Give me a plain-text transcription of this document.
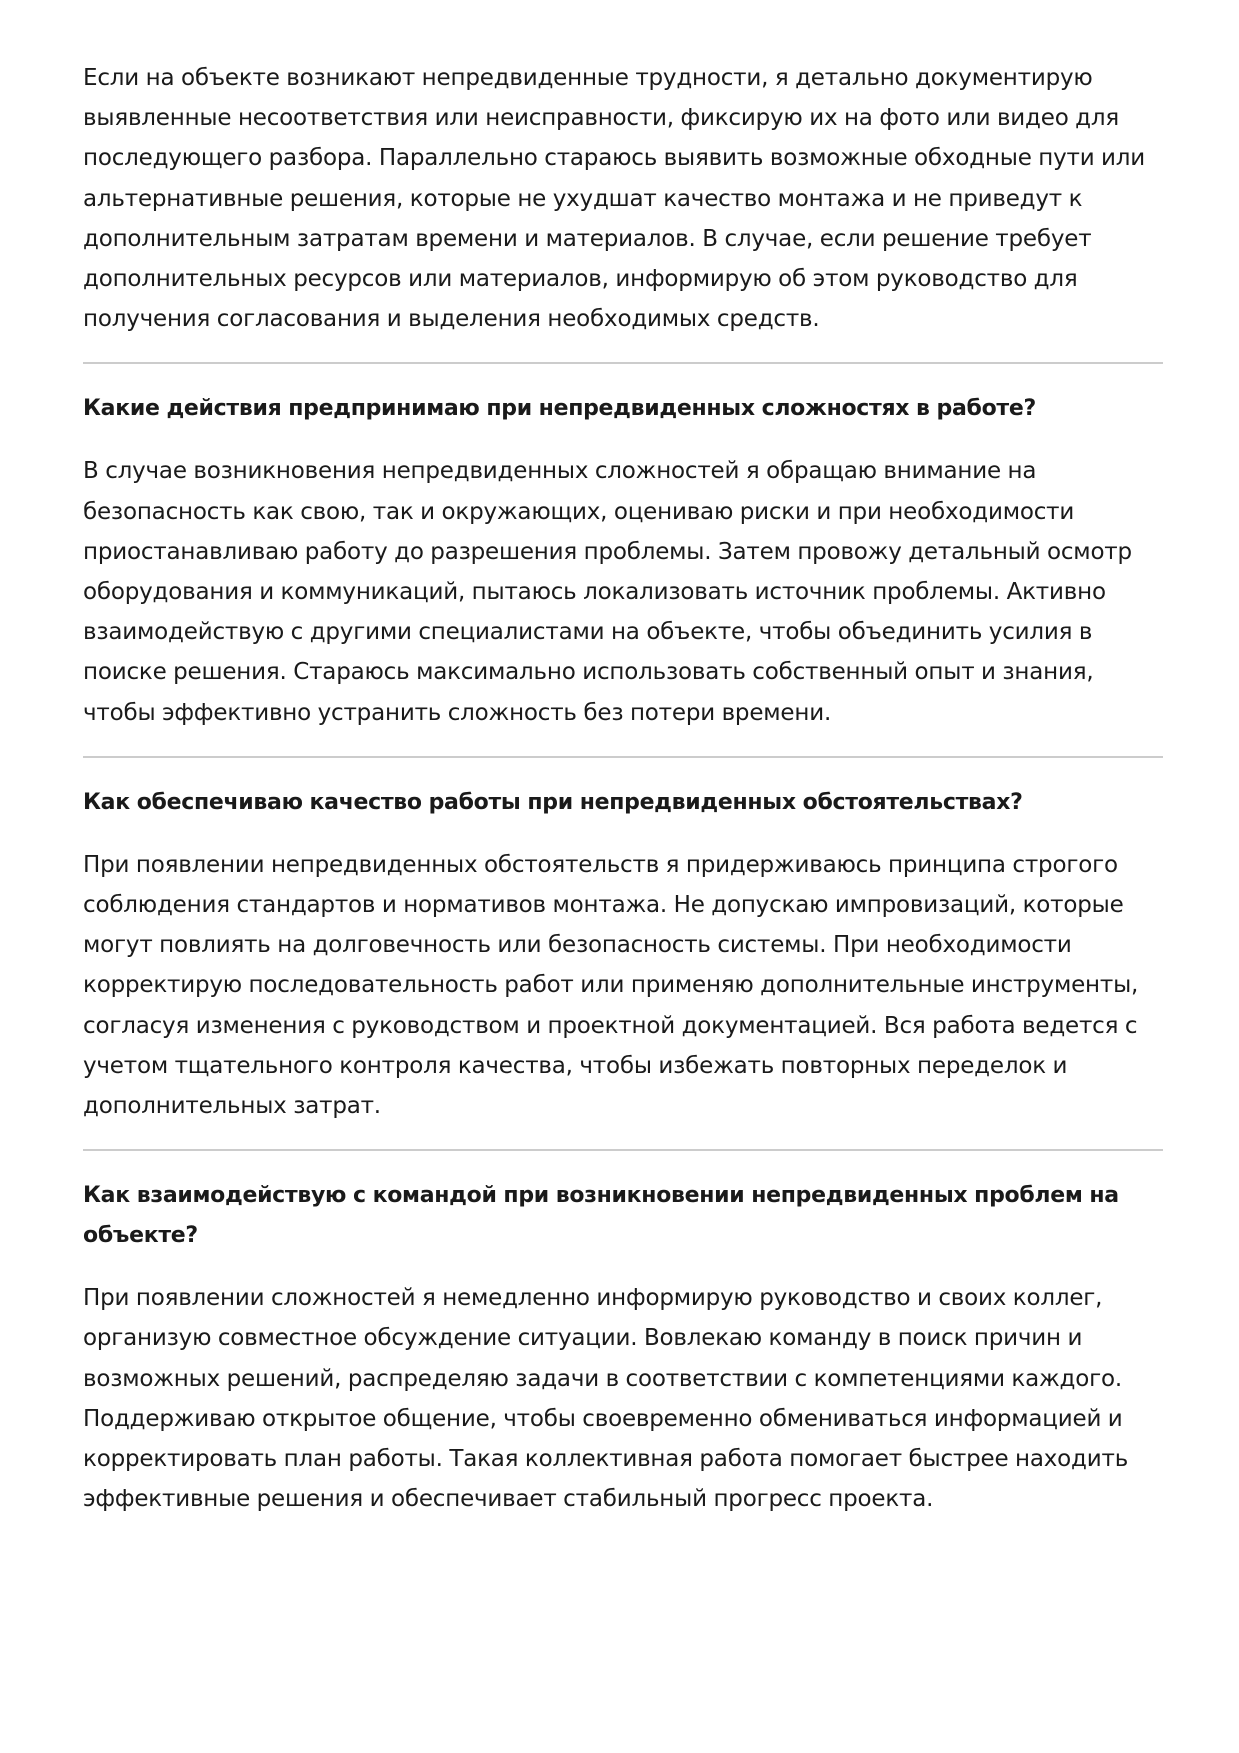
Если на объекте возникают непредвиденные трудности, я детально документирую выявленные несоответствия или неисправности, фиксирую их на фото или видео для последующего разбора. Параллельно стараюсь выявить возможные обходные пути или альтернативные решения, которые не ухудшат качество монтажа и не приведут к дополнительным затратам времени и материалов. В случае, если решение требует дополнительных ресурсов или материалов, информирую об этом руководство для получения согласования и выделения необходимых средств.

Какие действия предпринимаю при непредвиденных сложностях в работе?

В случае возникновения непредвиденных сложностей я обращаю внимание на безопасность как свою, так и окружающих, оцениваю риски и при необходимости приостанавливаю работу до разрешения проблемы. Затем провожу детальный осмотр оборудования и коммуникаций, пытаюсь локализовать источник проблемы. Активно взаимодействую с другими специалистами на объекте, чтобы объединить усилия в поиске решения. Стараюсь максимально использовать собственный опыт и знания, чтобы эффективно устранить сложность без потери времени.

Как обеспечиваю качество работы при непредвиденных обстоятельствах?

При появлении непредвиденных обстоятельств я придерживаюсь принципа строгого соблюдения стандартов и нормативов монтажа. Не допускаю импровизаций, которые могут повлиять на долговечность или безопасность системы. При необходимости корректирую последовательность работ или применяю дополнительные инструменты, согласуя изменения с руководством и проектной документацией. Вся работа ведется с учетом тщательного контроля качества, чтобы избежать повторных переделок и дополнительных затрат.

Как взаимодействую с командой при возникновении непредвиденных проблем на объекте?

При появлении сложностей я немедленно информирую руководство и своих коллег, организую совместное обсуждение ситуации. Вовлекаю команду в поиск причин и возможных решений, распределяю задачи в соответствии с компетенциями каждого. Поддерживаю открытое общение, чтобы своевременно обмениваться информацией и корректировать план работы. Такая коллективная работа помогает быстрее находить эффективные решения и обеспечивает стабильный прогресс проекта.
